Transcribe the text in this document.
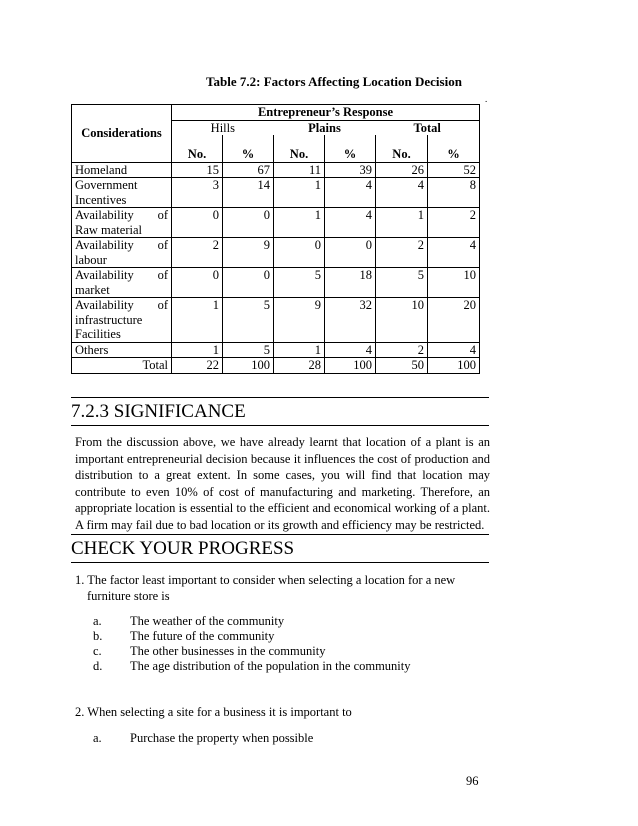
Table 7.2: Factors Affecting Location Decision
.
Considerations	Entrepreneur’s Response
Hills Plains Total					

	No.	%	No.	%	No.	%

Homeland	15	67	11	39	26	52

Government
Incentives	3	14	1	4	4	8

Availability of
Raw material	0	0	1	4	1	2

Availability of
labour	2	9	0	0	2	4

Availability of
market	0	0	5	18	5	10

Availability of
infrastructure
Facilities	1	5	9	32	10	20

Others	1	5	1	4	2	4
Total	22	100	28	100	50	100
7.2.3 SIGNIFICANCE
From the discussion above, we have already learnt that location of a plant is an important entrepreneurial decision because it influences the cost of production and distribution to a great extent. In some cases, you will find that location may contribute to even 10% of cost of manufacturing and marketing. Therefore, an appropriate location is essential to the efficient and economical working of a plant. A firm may fail due to bad location or its growth and efficiency may be restricted.
CHECK YOUR PROGRESS
1. The factor least important to consider when selecting a location for a new
furniture store is
a. The weather of the community
b. The future of the community
c. The other businesses in the community
d. The age distribution of the population in the community
2. When selecting a site for a business it is important to
a. Purchase the property when possible
96
